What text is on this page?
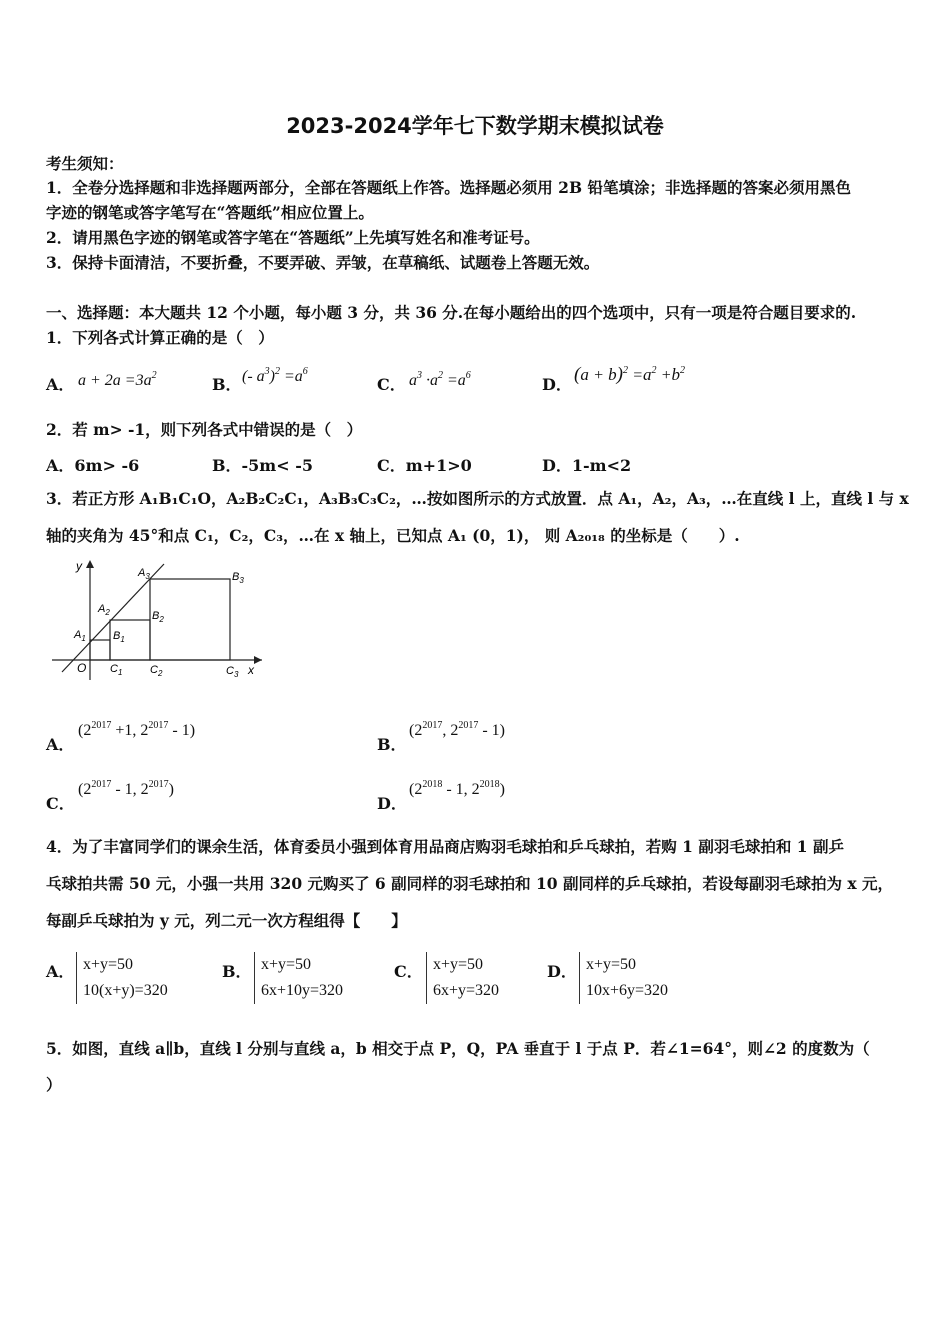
2023-2024学年七下数学期末模拟试卷
考生须知：
1．全卷分选择题和非选择题两部分，全部在答题纸上作答。选择题必须用 2B 铅笔填涂；非选择题的答案必须用黑色
字迹的钢笔或答字笔写在“答题纸”相应位置上。
2．请用黑色字迹的钢笔或答字笔在“答题纸”上先填写姓名和准考证号。
3．保持卡面清洁，不要折叠，不要弄破、弄皱，在草稿纸、试题卷上答题无效。
一、选择题：本大题共 12 个小题，每小题 3 分，共 36 分.在每小题给出的四个选项中，只有一项是符合题目要求的.
1．下列各式计算正确的是（　）
A． $a + 2a =3a^2$	B． (- $a^3)^2 =a^6$
C． $a^3 \cdot a^2 =a^6$	D． $(a + b)^2 =a^2 +b^2$
2．若 m> -1，则下列各式中错误的是（　）
A．6m> -6	B．-5m< -5	C．m+1>0	D．1-m<2
3．若正方形 A₁B₁C₁O，A₂B₂C₂C₁，A₃B₃C₃C₂，…按如图所示的方式放置．点 A₁，A₂，A₃，…在直线 l 上，直线 l 与 x
轴的夹角为 45°和点 C₁，C₂，C₃，…在 x 轴上，已知点 A₁ (0，1)， 则 A₂₀₁₈ 的坐标是（　　）.
y
x
O
$A_1$
$A_2$
$A_3$
$B_1$
$B_2$
$B_3$
$C_1$	$C_2$	$C_3$
A．
($2^{2017} +1$, $2^{2017} - 1$)
B．
($2^{2017}$, $2^{2017} - 1$)
C．
($2^{2017} - 1$, $2^{2017}$)
D．
($2^{2018} - 1$, $2^{2018}$)
4．为了丰富同学们的课余生活，体育委员小强到体育用品商店购羽毛球拍和乒乓球拍，若购 1 副羽毛球拍和 1 副乒
乓球拍共需 50 元，小强一共用 320 元购买了 6 副同样的羽毛球拍和 10 副同样的乒乓球拍，若设每副羽毛球拍为 x 元，
每副乒乓球拍为 y 元，列二元一次方程组得【　　】
A． x+y=50
10(x+y)=320
B． x+y=50
6x+10y=320
C． x+y=50
6x+y=320
D． x+y=50
10x+6y=320
5．如图，直线 a∥b，直线 l 分别与直线 a，b 相交于点 P，Q，PA 垂直于 l 于点 P．若∠1=64°，则∠2 的度数为（
）
